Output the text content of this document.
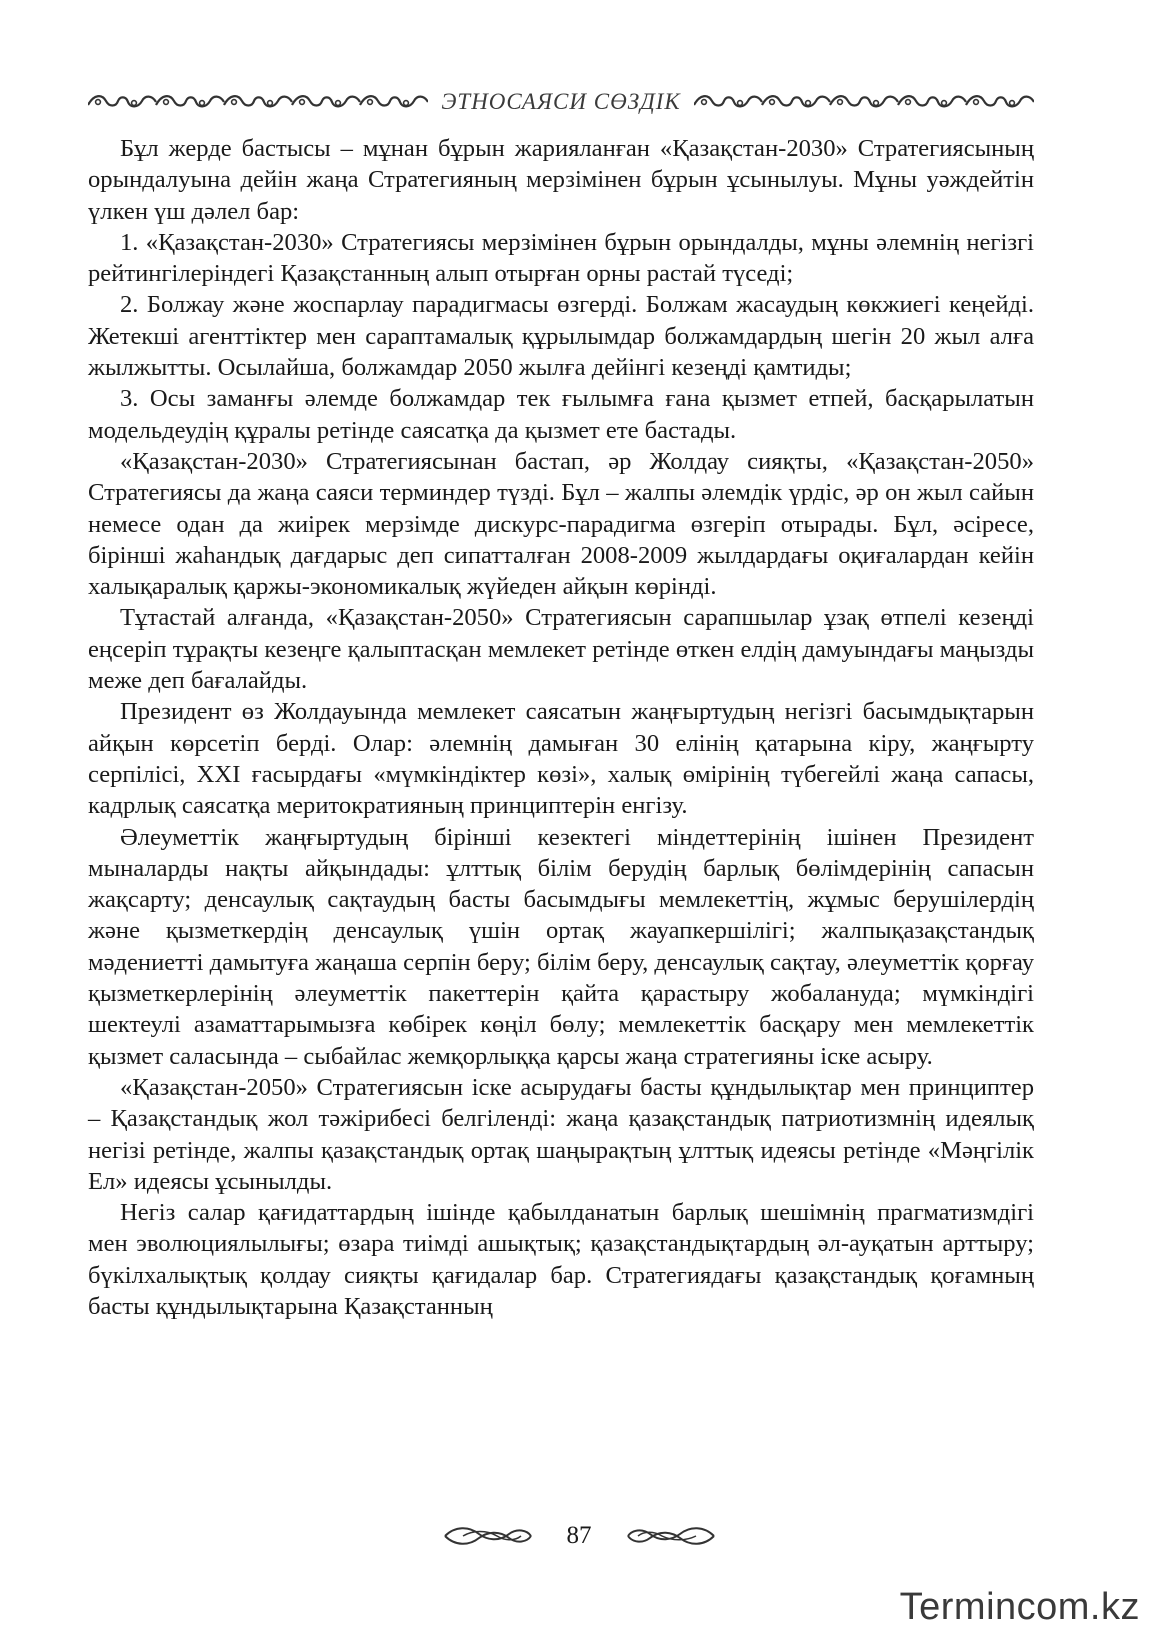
ЭТНОСАЯСИ СӨЗДІК

Бұл жерде бастысы – мұнан бұрын жарияланған «Қазақстан-2030» Стратегиясының орындалуына дейін жаңа Стратегияның мерзімінен бұрын ұсынылуы. Мұны уәждейтін үлкен үш дәлел бар:

1. «Қазақстан-2030» Стратегиясы мерзімінен бұрын орындалды, мұны әлемнің негізгі рейтингілеріндегі Қазақстанның алып отырған орны растай түседі;

2. Болжау және жоспарлау парадигмасы өзгерді. Болжам жасаудың көкжиегі кеңейді. Жетекші агенттіктер мен сараптамалық құрылымдар болжамдардың шегін 20 жыл алға жылжытты. Осылайша, болжамдар 2050 жылға дейінгі кезеңді қамтиды;

3. Осы заманғы әлемде болжамдар тек ғылымға ғана қызмет етпей, басқарылатын модельдеудің құралы ретінде саясатқа да қызмет ете бастады.

«Қазақстан-2030» Стратегиясынан бастап, әр Жолдау сияқты, «Қазақстан-2050» Стратегиясы да жаңа саяси терминдер түзді. Бұл – жалпы әлемдік үрдіс, әр он жыл сайын немесе одан да жиірек мерзімде дискурс-парадигма өзгеріп отырады. Бұл, әсіресе, бірінші жаһандық дағдарыс деп сипатталған 2008-2009 жылдардағы оқиғалардан кейін халықаралық қаржы-экономикалық жүйеден айқын көрінді.

Тұтастай алғанда, «Қазақстан-2050» Стратегиясын сарапшылар ұзақ өтпелі кезеңді еңсеріп тұрақты кезеңге қалыптасқан мемлекет ретінде өткен елдің дамуындағы маңызды меже деп бағалайды.

Президент өз Жолдауында мемлекет саясатын жаңғыртудың негізгі басымдықтарын айқын көрсетіп берді. Олар: әлемнің дамыған 30 елінің қатарына кіру, жаңғырту серпілісі, XXI ғасырдағы «мүмкіндіктер көзі», халық өмірінің түбегейлі жаңа сапасы, кадрлық саясатқа меритократияның принциптерін енгізу.

Әлеуметтік жаңғыртудың бірінші кезектегі міндеттерінің ішінен Президент мыналарды нақты айқындады: ұлттық білім берудің барлық бөлімдерінің сапасын жақсарту; денсаулық сақтаудың басты басымдығы мемлекеттің, жұмыс берушілердің және қызметкердің денсаулық үшін ортақ жауапкершілігі; жалпықазақстандық мәдениетті дамытуға жаңаша серпін беру; білім беру, денсаулық сақтау, әлеуметтік қорғау қызметкерлерінің әлеуметтік пакеттерін қайта қарастыру жобалануда; мүмкіндігі шектеулі азаматтарымызға көбірек көңіл бөлу; мемлекеттік басқару мен мемлекеттік қызмет саласында – сыбайлас жемқорлыққа қарсы жаңа стратегияны іске асыру.

«Қазақстан-2050» Стратегиясын іске асырудағы басты құндылықтар мен принциптер – Қазақстандық жол тәжірибесі белгіленді: жаңа қазақстандық патриотизмнің идеялық негізі ретінде, жалпы қазақстандық ортақ шаңырақтың ұлттық идеясы ретінде «Мәңгілік Ел» идеясы ұсынылды.

Негіз салар қағидаттардың ішінде қабылданатын барлық шешімнің прагматизмдігі мен эволюциялылығы; өзара тиімді ашықтық; қазақстандықтардың әл-ауқатын арттыру; бүкілхалықтық қолдау сияқты қағидалар бар. Стратегиядағы қазақстандық қоғамның басты құндылықтарына Қазақстанның

87
Termincom.kz
